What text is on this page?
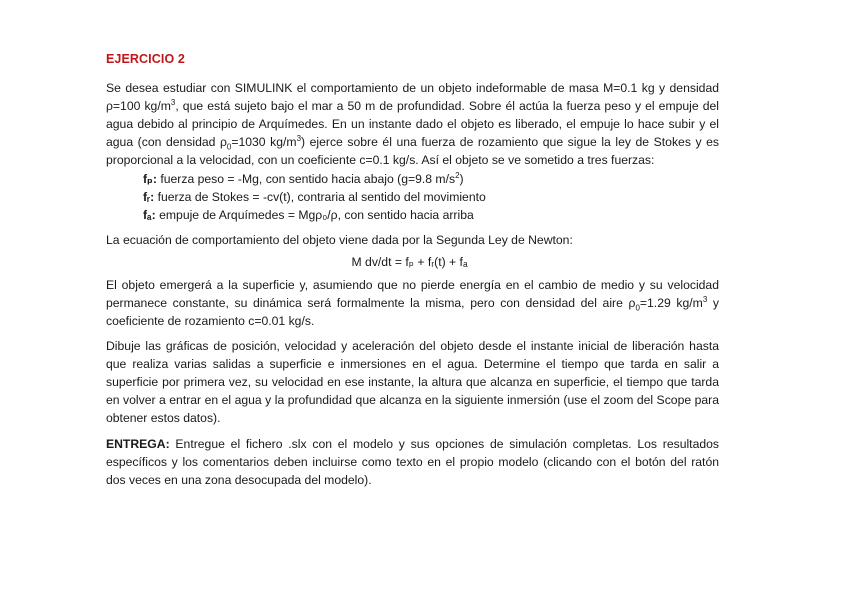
EJERCICIO 2

Se desea estudiar con SIMULINK el comportamiento de un objeto indeformable de masa M=0.1 kg y densidad ρ=100 $kg/m^3$, que está sujeto bajo el mar a 50 m de profundidad. Sobre él actúa la fuerza peso y el empuje del agua debido al principio de Arquímedes. En un instante dado el objeto es liberado, el empuje lo hace subir y el agua (con densidad $\rho_0=1030$ $kg/m^3$) ejerce sobre él una fuerza de rozamiento que sigue la ley de Stokes y es proporcional a la velocidad, con un coeficiente c=0.1 kg/s. Así el objeto se ve sometido a tres fuerzas:

fₚ: fuerza peso = -Mg, con sentido hacia abajo (g=9.8 $m/s^2$)
fᵣ: fuerza de Stokes = -cv(t), contraria al sentido del movimiento
fₐ: empuje de Arquímedes = Mgρ₀/ρ, con sentido hacia arriba

La ecuación de comportamiento del objeto viene dada por la Segunda Ley de Newton:

M dv/dt = fₚ + fᵣ(t) + fₐ

El objeto emergerá a la superficie y, asumiendo que no pierde energía en el cambio de medio y su velocidad permanece constante, su dinámica será formalmente la misma, pero con densidad del aire $\rho_0=1.29$ $kg/m^3$ y coeficiente de rozamiento c=0.01 kg/s.

Dibuje las gráficas de posición, velocidad y aceleración del objeto desde el instante inicial de liberación hasta que realiza varias salidas a superficie e inmersiones en el agua. Determine el tiempo que tarda en salir a superficie por primera vez, su velocidad en ese instante, la altura que alcanza en superficie, el tiempo que tarda en volver a entrar en el agua y la profundidad que alcanza en la siguiente inmersión (use el zoom del Scope para obtener estos datos).

ENTREGA: Entregue el fichero .slx con el modelo y sus opciones de simulación completas. Los resultados específicos y los comentarios deben incluirse como texto en el propio modelo (clicando con el botón del ratón dos veces en una zona desocupada del modelo).
